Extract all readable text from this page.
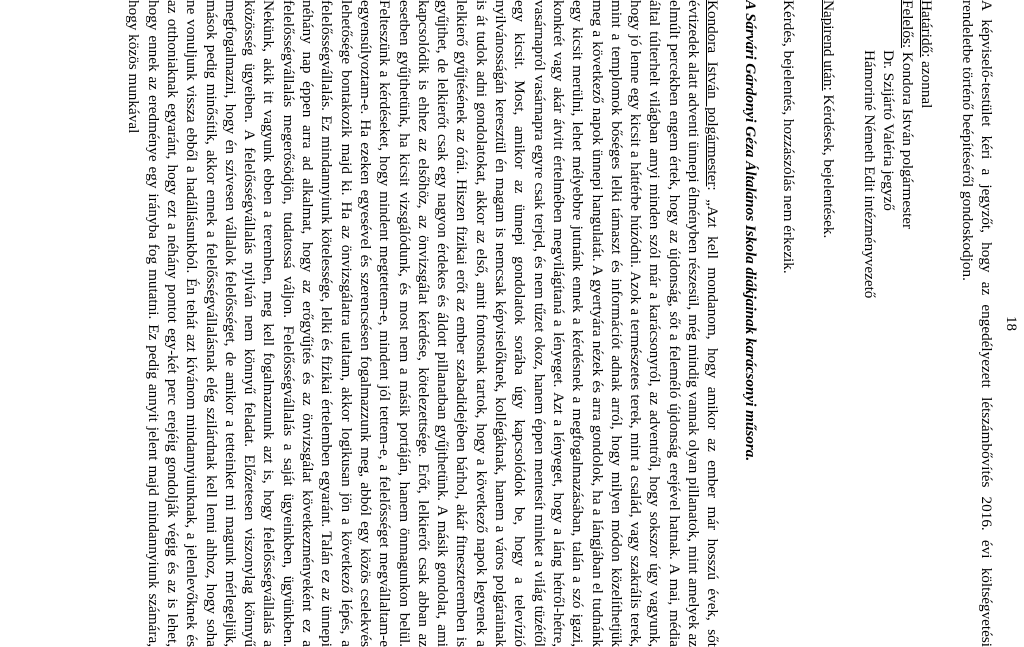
18

A képviselő-testület kéri a jegyzőt, hogy az engedélyezett létszámbővítés 2016. évi költségvetési rendeletbe történő beépítéséről gondoskodjon.

Határidő: azonnal
Felelős: Kondora István polgármester
Dr. Szijártó Valéria jegyző
Hámoriné Németh Edit intézményvezető
Napirend után: Kérdések, bejelentések.
Kérdés, bejelentés, hozzászólás nem érkezik.
A Sárvári Gárdonyi Géza Általános Iskola diákjainak karácsonyi műsora.

Kondora István polgármester: „Azt kell mondanom, hogy amikor az ember már hosszú évek, sőt évtizedek alatt adventi ünnepi élményben részesül, még mindig vannak olyan pillanatok, mint amelyek az elmúlt percekben engem értek, hogy az újdonság, sőt a feleméló újdonság erejével hatnak. A mai, média által túlterhelt világban amyi minden szól már a karácsonyról, az adventről, hogy sokszor úgy vagyunk, hogy jó lenne egy kicsit a háttérbe húzódni. Azok a természetes terek, mint a család, vagy szakrális terek, mint a templomok bőséges lelki támaszt és információt adnak arról, hogy milyen módon közelíthetjük meg a következő napok ünnepi hangulatát. A gyertyára nézek és arra gondolok, ha a lángjában el tudnánk egy kicsit merülni, lehet mélyebbre jutnánk ennek a kérdésnek a megfogalmazásában, talán a szó igazi, konkrét vagy akár átvitt értelmében megvilágítaná a lényeget. Azt a lényeget, hogy a láng hétről-hétre, vasárnapról vasárnapra egyre csak terjed, és nem tűzet okoz, hanem éppen mentesít minket a világ tüzétől egy kicsit. Most, amikor az ünnepi gondolatok sorába úgy kapcsolódok be, hogy a televízió nyilvánosságán keresztül én magam is nemcsak képviselőknek, kollégáknak, hanem a város polgárainak is át tudok adni gondolatokat, akkor az első, amit fontosnak tartok, hogy a következő napok legyenek a lelkierő gyűjtésének az órái. Hiszen fizikai erőt az ember szabadidejében bárhol, akár fitneszteremben is gyűjthet, de lelkierőt csak egy nagyon érdekes és áldott pillanatban gyűjthetünk. A másik gondolat, ami kapcsolódik is ehhez az elsőhöz, az önvizsgálat kérdése, kötelezettsége. Erőt, lelkierőt csak abban az esetben gyűjthetünk, ha kicsit vizsgálódunk, és most nem a másik portáján, hanem önmagunkon belül. Felteszünk a kérdéseket, hogy mindent megtettem-e, mindent jól tettem-e, a felelősséget megvállaltam-e egyensúlyoztam-e. Ha ezeken egyesével és szerencsésen fogalmazzunk meg, abból egy közös cselekvés lehetősége bontakozik majd ki. Ha az önvizsgálatra utaltam, akkor logikusan jön a következő lépés, a felelősségvállalás. Ez mindannyiunk kötelessége, lelki és fizikai értelemben egyaránt. Talán ez az ünnepi néhány nap éppen arra ad alkalmat, hogy az erőgyűjtés és az önvizsgálat következményeként ez a felelősségvállalás megerősödjön, tudatossá váljon. Felelősségvállalás a saját ügyeinkben, ügyünkben. Nekünk, akik itt vagyunk ebben a teremben, meg kell fogalmaznunk azt is, hogy felelősségvállalás a közösség ügyeiben. A felelősségvállalás nyilván nem könnyű feladat. Előzetesen viszonylag könnyű megfogalmazni, hogy én szívesen vállalok felelősséget, de amikor a tetteinket mi magunk mérlegeljük, mások pedig minősítik, akkor ennek a felelősségvállalásnak elég szilárdnak kell lenni ahhoz, hogy soha ne vonuljunk vissza ebből a hadállásunkból. Én tehát azt kívánom mindannyiunknak, a jelenlevőknek és az otthoniaknak egyaránt, hogy ezt a néhány pontot egy-két perc erejéig gondolják végig és az is lehet, hogy ennek az eredménye egy irányba fog mutatni. Ez pedig annyit jelent majd mindannyiunk számára, hogy közös munkával
